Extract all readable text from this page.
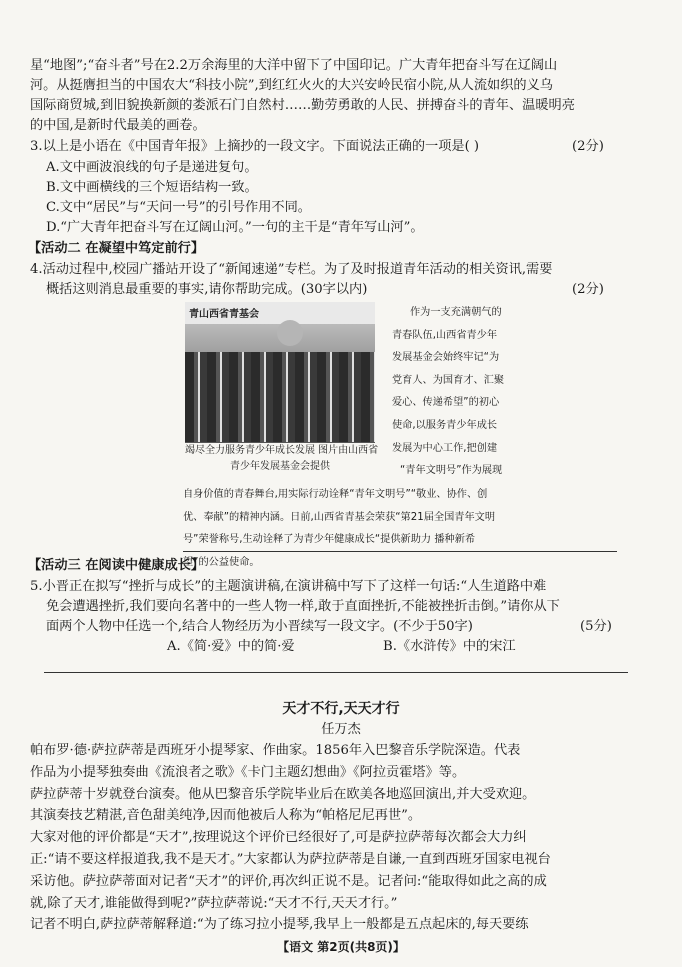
星“地图”;“奋斗者”号在2.2万余海里的大洋中留下了中国印记。广大青年把奋斗写在辽阔山

河。从挺膺担当的中国农大“科技小院”,到红红火火的大兴安岭民宿小院,从人流如织的义乌

国际商贸城,到旧貌换新颜的娄派石门自然村……勤劳勇敢的人民、拼搏奋斗的青年、温暖明亮

的中国,是新时代最美的画卷。

3.以上是小语在《中国青年报》上摘抄的一段文字。下面说法正确的一项是( )	(2分)

A.文中画波浪线的句子是递进复句。

B.文中画横线的三个短语结构一致。

C.文中“居民”与“天问一号”的引号作用不同。

D.“广大青年把奋斗写在辽阔山河。”一句的主干是“青年写山河”。

【活动二 在凝望中笃定前行】

4.活动过程中,校园广播站开设了“新闻速递”专栏。为了及时报道青年活动的相关资讯,需要

概括这则消息最重要的事实,请你帮助完成。(30字以内)	(2分)

青山西省青基会
竭尽全力服务青少年成长发展 图片由山西省
青少年发展基金会提供

作为一支充满朝气的

青春队伍,山西省青少年

发展基金会始终牢记“为

党育人、为国育才、汇聚

爱心、传递希望”的初心

使命,以服务青少年成长

发展为中心工作,把创建

“青年文明号”作为展现

自身价值的青春舞台,用实际行动诠释“青年文明号”“敬业、协作、创

优、奉献”的精神内涵。日前,山西省青基会荣获“第21届全国青年文明

号”荣誉称号,生动诠释了为青少年健康成长“提供新助力 播种新希

望”的公益使命。

【活动三 在阅读中健康成长】

5.小晋正在拟写“挫折与成长”的主题演讲稿,在演讲稿中写下了这样一句话:“人生道路中难

免会遭遇挫折,我们要向名著中的一些人物一样,敢于直面挫折,不能被挫折击倒。”请你从下

面两个人物中任选一个,结合人物经历为小晋续写一段文字。(不少于50字)	(5分)

A.《简·爱》中的简·爱	B.《水浒传》中的宋江

天才不行,天天才行
任万杰

帕布罗·德·萨拉萨蒂是西班牙小提琴家、作曲家。1856年入巴黎音乐学院深造。代表

作品为小提琴独奏曲《流浪者之歌》《卡门主题幻想曲》《阿拉贡霍塔》等。

萨拉萨蒂十岁就登台演奏。他从巴黎音乐学院毕业后在欧美各地巡回演出,并大受欢迎。

其演奏技艺精湛,音色甜美纯净,因而他被后人称为“帕格尼尼再世”。

大家对他的评价都是“天才”,按理说这个评价已经很好了,可是萨拉萨蒂每次都会大力纠

正:“请不要这样报道我,我不是天才。”大家都认为萨拉萨蒂是自谦,一直到西班牙国家电视台

采访他。萨拉萨蒂面对记者“天才”的评价,再次纠正说不是。记者问:“能取得如此之高的成

就,除了天才,谁能做得到呢?”萨拉萨蒂说:“天才不行,天天才行。”

记者不明白,萨拉萨蒂解释道:“为了练习拉小提琴,我早上一般都是五点起床的,每天要练

【语文 第2页(共8页)】
